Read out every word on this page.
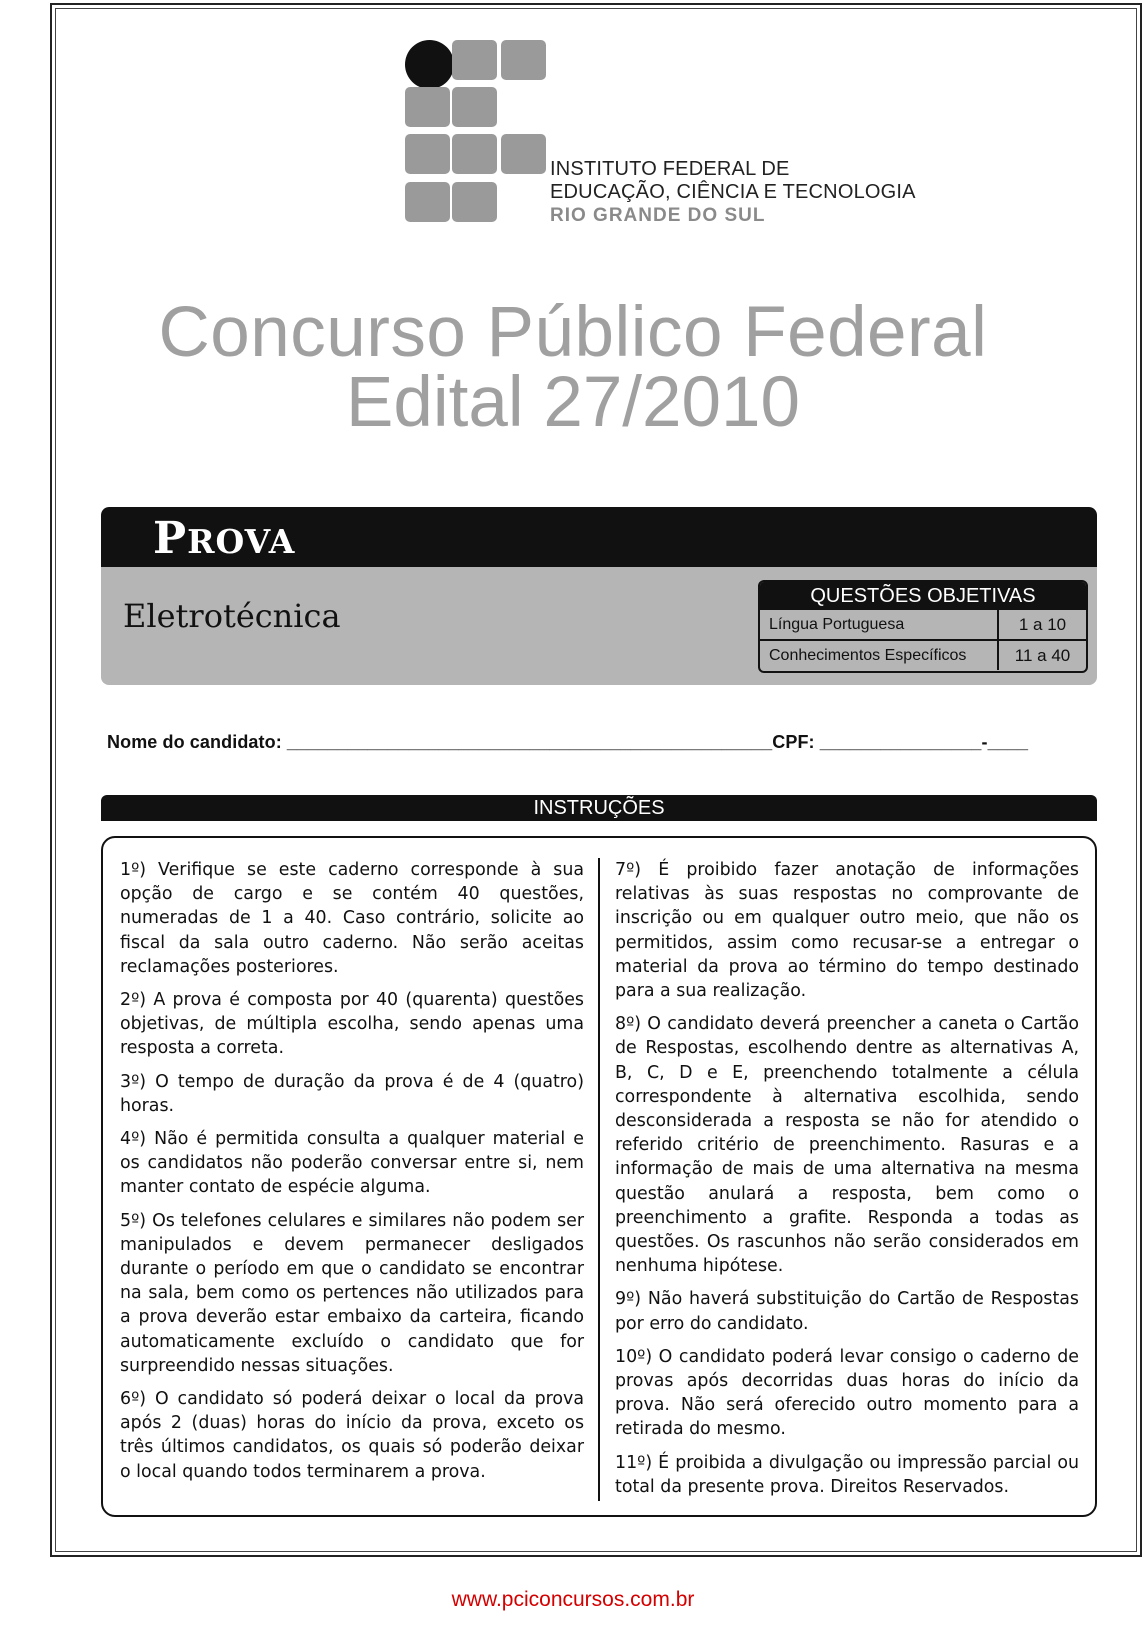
INSTITUTO FEDERAL DE
EDUCAÇÃO, CIÊNCIA E TECNOLOGIA
RIO GRANDE DO SUL
Concurso Público Federal
Edital 27/2010
PROVA
Eletrotécnica
QUESTÕES OBJETIVAS
Língua Portuguesa	1 a 10
Conhecimentos Específicos	11 a 40
Nome do candidato: ________________________________________________CPF: ________________-____
INSTRUÇÕES

1º) Verifique se este caderno corresponde à sua opção de cargo e se contém 40 questões, numeradas de 1 a 40. Caso contrário, solicite ao fiscal da sala outro caderno. Não serão aceitas reclamações posteriores.

2º) A prova é composta por 40 (quarenta) questões objetivas, de múltipla escolha, sendo apenas uma resposta a correta.

3º) O tempo de duração da prova é de 4 (quatro) horas.

4º) Não é permitida consulta a qualquer material e os candidatos não poderão conversar entre si, nem manter contato de espécie alguma.

5º) Os telefones celulares e similares não podem ser manipulados e devem permanecer desligados durante o período em que o candidato se encontrar na sala, bem como os pertences não utilizados para a prova deverão estar embaixo da carteira, ficando automaticamente excluído o candidato que for surpreendido nessas situações.

6º) O candidato só poderá deixar o local da prova após 2 (duas) horas do início da prova, exceto os três últimos candidatos, os quais só poderão deixar o local quando todos terminarem a prova.

7º) É proibido fazer anotação de informações relativas às suas respostas no comprovante de inscrição ou em qualquer outro meio, que não os permitidos, assim como recusar-se a entregar o material da prova ao término do tempo destinado para a sua realização.

8º) O candidato deverá preencher a caneta o Cartão de Respostas, escolhendo dentre as alternativas A, B, C, D e E, preenchendo totalmente a célula correspondente à alternativa escolhida, sendo desconsiderada a resposta se não for atendido o referido critério de preenchimento. Rasuras e a informação de mais de uma alternativa na mesma questão anulará a resposta, bem como o preenchimento a grafite. Responda a todas as questões. Os rascunhos não serão considerados em nenhuma hipótese.

9º) Não haverá substituição do Cartão de Respostas por erro do candidato.

10º) O candidato poderá levar consigo o caderno de provas após decorridas duas horas do início da prova. Não será oferecido outro momento para a retirada do mesmo.

11º) É proibida a divulgação ou impressão parcial ou total da presente prova. Direitos Reservados.

www.pciconcursos.com.br
